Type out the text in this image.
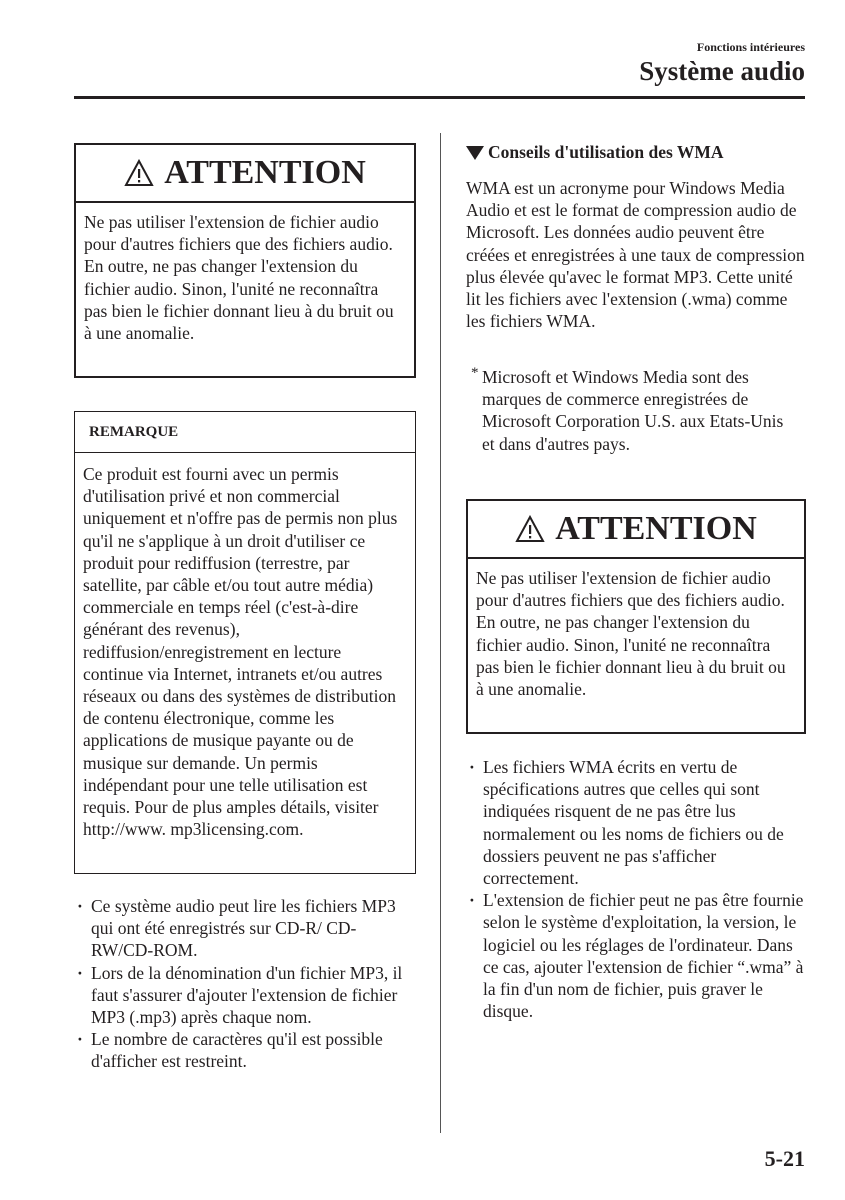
Fonctions intérieures
Système audio
ATTENTION
Ne pas utiliser l'extension de fichier audio pour d'autres fichiers que des fichiers audio. En outre, ne pas changer l'extension du fichier audio. Sinon, l'unité ne reconnaîtra pas bien le fichier donnant lieu à du bruit ou à une anomalie.
REMARQUE
Ce produit est fourni avec un permis d'utilisation privé et non commercial uniquement et n'offre pas de permis non plus qu'il ne s'applique à un droit d'utiliser ce produit pour rediffusion (terrestre, par satellite, par câble et/ou tout autre média) commerciale en temps réel (c'est-à-dire générant des revenus), rediffusion/enregistrement en lecture continue via Internet, intranets et/ou autres réseaux ou dans des systèmes de distribution de contenu électronique, comme les applications de musique payante ou de musique sur demande. Un permis indépendant pour une telle utilisation est requis. Pour de plus amples détails, visiter http://www. mp3licensing.com.
· Ce système audio peut lire les fichiers MP3 qui ont été enregistrés sur CD-R/ CD-RW/CD-ROM.
· Lors de la dénomination d'un fichier MP3, il faut s'assurer d'ajouter l'extension de fichier MP3 (.mp3) après chaque nom.
· Le nombre de caractères qu'il est possible d'afficher est restreint.
Conseils d'utilisation des WMA
WMA est un acronyme pour Windows Media Audio et est le format de compression audio de Microsoft. Les données audio peuvent être créées et enregistrées à une taux de compression plus élevée qu'avec le format MP3. Cette unité lit les fichiers avec l'extension (.wma) comme les fichiers WMA.
* Microsoft et Windows Media sont des marques de commerce enregistrées de Microsoft Corporation U.S. aux Etats-Unis et dans d'autres pays.
ATTENTION
Ne pas utiliser l'extension de fichier audio pour d'autres fichiers que des fichiers audio. En outre, ne pas changer l'extension du fichier audio. Sinon, l'unité ne reconnaîtra pas bien le fichier donnant lieu à du bruit ou à une anomalie.
· Les fichiers WMA écrits en vertu de spécifications autres que celles qui sont indiquées risquent de ne pas être lus normalement ou les noms de fichiers ou de dossiers peuvent ne pas s'afficher correctement.
· L'extension de fichier peut ne pas être fournie selon le système d'exploitation, la version, le logiciel ou les réglages de l'ordinateur. Dans ce cas, ajouter l'extension de fichier “.wma” à la fin d'un nom de fichier, puis graver le disque.
5-21
